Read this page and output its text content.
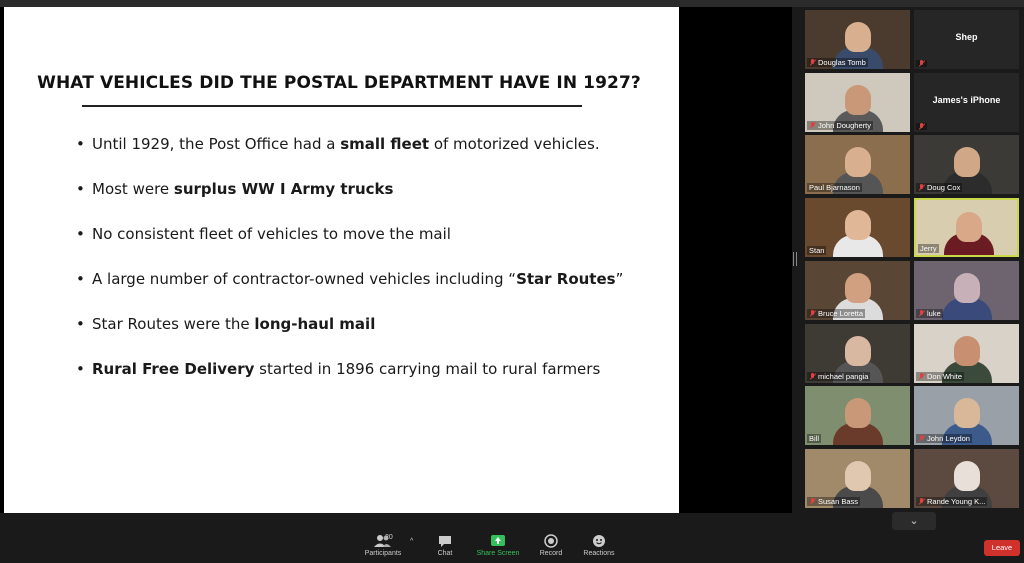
WHAT VEHICLES DID THE POSTAL DEPARTMENT HAVE IN 1927?
• Until 1929, the Post Office had a small fleet of motorized vehicles.
• Most were surplus WW I Army trucks
• No consistent fleet of vehicles to move the mail
• A large number of contractor-owned vehicles including “Star Routes”
• Star Routes were the long-haul mail
• Rural Free Delivery started in 1896 carrying mail to rural farmers
Douglas Tomb
Shep
John Dougherty
James's iPhone
Paul Bjarnason	Doug Cox
Stan	Jerry
Bruce Loretta	luke
michael pangia	Don White
Bill	John Leydon
Susan Bass	Rande Young K...
⌄
20
Participants
^
Chat	Share Screen	Record	Reactions
Leave
